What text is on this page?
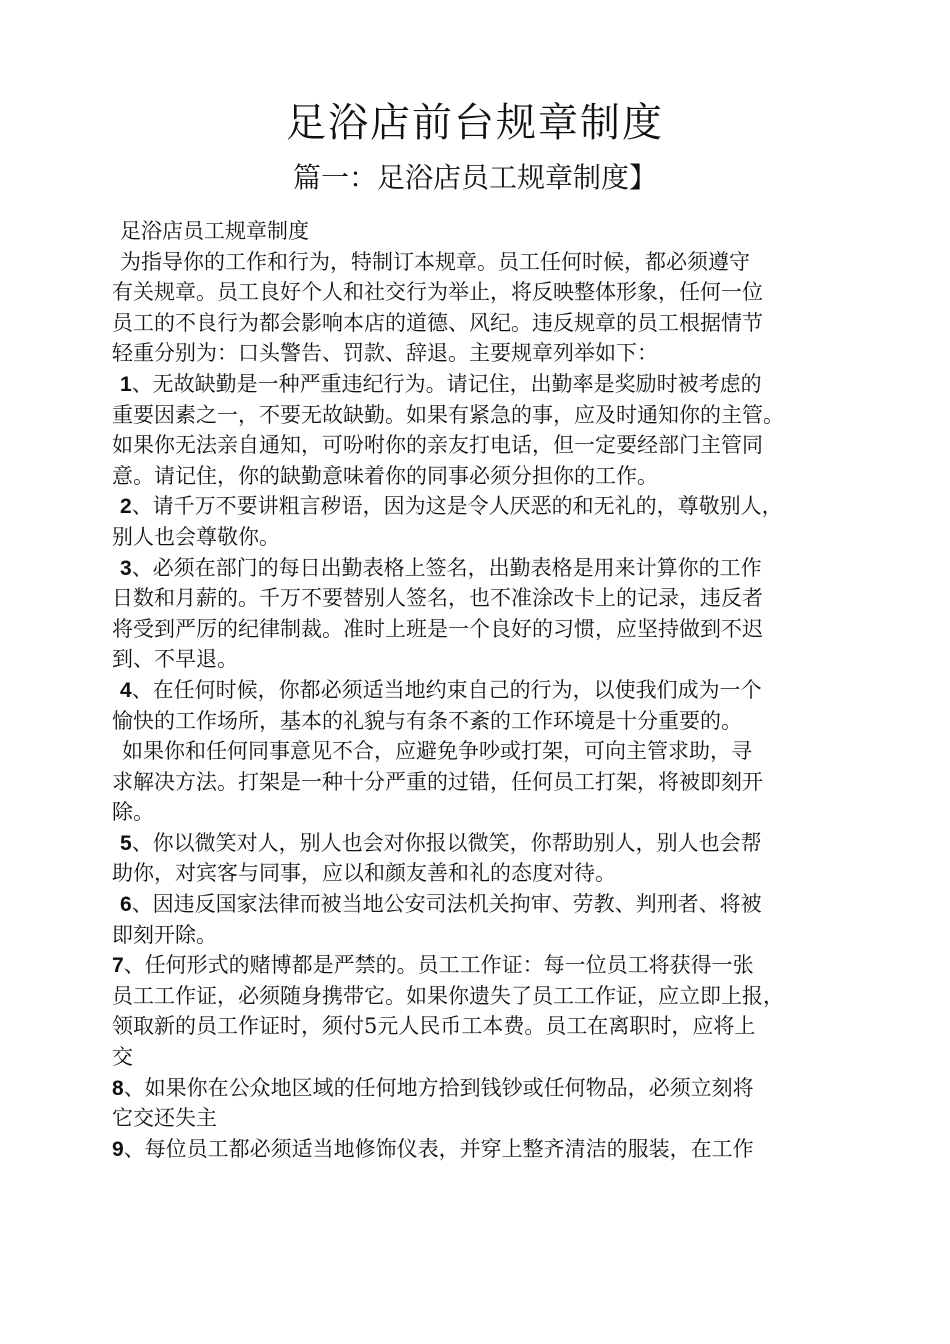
足浴店前台规章制度
篇一：足浴店员工规章制度】
足浴店员工规章制度
为指导你的工作和行为，特制订本规章。员工任何时候，都必须遵守
有关规章。员工良好个人和社交行为举止，将反映整体形象，任何一位
员工的不良行为都会影响本店的道德、风纪。违反规章的员工根据情节
轻重分别为：口头警告、罚款、辞退。主要规章列举如下：
1、无故缺勤是一种严重违纪行为。请记住，出勤率是奖励时被考虑的
重要因素之一，不要无故缺勤。如果有紧急的事，应及时通知你的主管。
如果你无法亲自通知，可吩咐你的亲友打电话，但一定要经部门主管同
意。请记住，你的缺勤意味着你的同事必须分担你的工作。
2、请千万不要讲粗言秽语，因为这是令人厌恶的和无礼的，尊敬别人，
别人也会尊敬你。
3、必须在部门的每日出勤表格上签名，出勤表格是用来计算你的工作
日数和月薪的。千万不要替别人签名，也不准涂改卡上的记录，违反者
将受到严厉的纪律制裁。准时上班是一个良好的习惯，应坚持做到不迟
到、不早退。
4、在任何时候，你都必须适当地约束自己的行为，以使我们成为一个
愉快的工作场所，基本的礼貌与有条不紊的工作环境是十分重要的。
如果你和任何同事意见不合，应避免争吵或打架，可向主管求助，寻
求解决方法。打架是一种十分严重的过错，任何员工打架，将被即刻开
除。
5、你以微笑对人，别人也会对你报以微笑，你帮助别人，别人也会帮
助你，对宾客与同事，应以和颜友善和礼的态度对待。
6、因违反国家法律而被当地公安司法机关拘审、劳教、判刑者、将被
即刻开除。
7、任何形式的赌博都是严禁的。员工工作证：每一位员工将获得一张
员工工作证，必须随身携带它。如果你遗失了员工工作证，应立即上报，
领取新的员工作证时，须付5元人民币工本费。员工在离职时，应将上
交
8、如果你在公众地区域的任何地方拾到钱钞或任何物品，必须立刻将
它交还失主
9、每位员工都必须适当地修饰仪表，并穿上整齐清洁的服装，在工作
